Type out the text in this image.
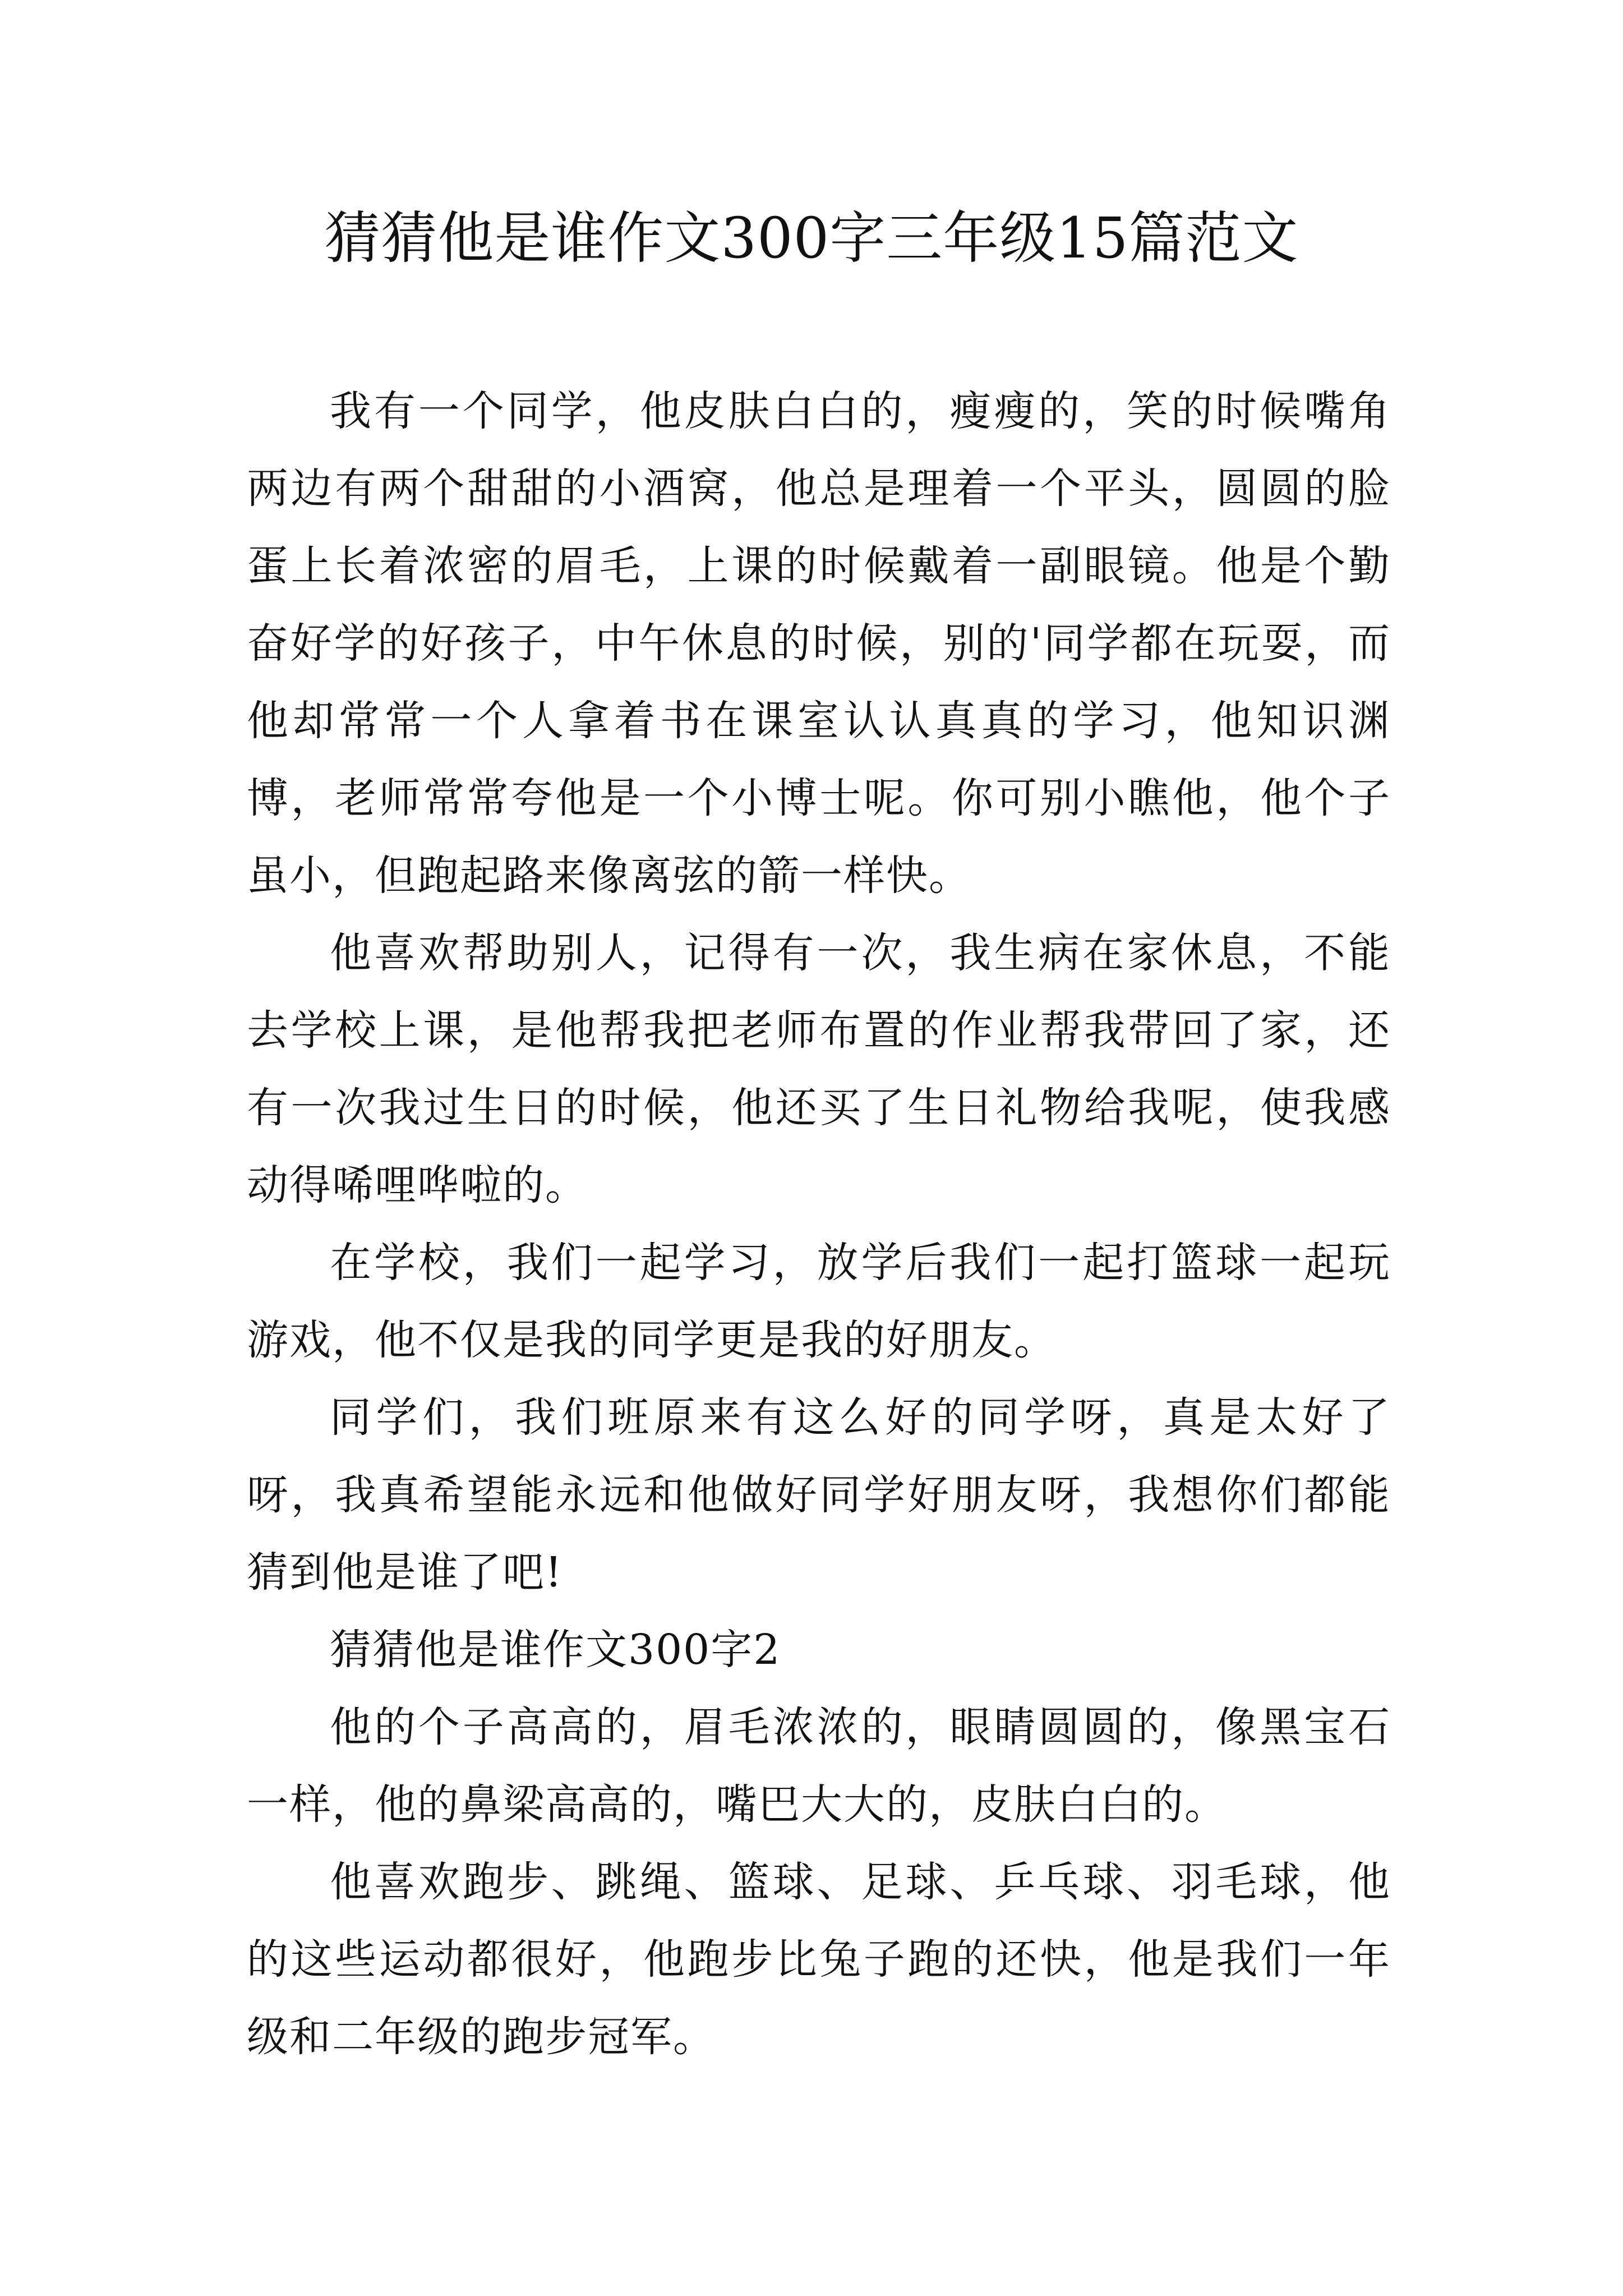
猜猜他是谁作文300字三年级15篇范文

我有一个同学，他皮肤白白的，瘦瘦的，笑的时候嘴角两边有两个甜甜的小酒窝，他总是理着一个平头，圆圆的脸蛋上长着浓密的眉毛，上课的时候戴着一副眼镜。他是个勤奋好学的好孩子，中午休息的时候，别的'同学都在玩耍，而他却常常一个人拿着书在课室认认真真的学习，他知识渊博，老师常常夸他是一个小博士呢。你可别小瞧他，他个子虽小，但跑起路来像离弦的箭一样快。

他喜欢帮助别人，记得有一次，我生病在家休息，不能去学校上课，是他帮我把老师布置的作业帮我带回了家，还有一次我过生日的时候，他还买了生日礼物给我呢，使我感动得唏哩哗啦的。

在学校，我们一起学习，放学后我们一起打篮球一起玩游戏，他不仅是我的同学更是我的好朋友。

同学们，我们班原来有这么好的同学呀，真是太好了呀，我真希望能永远和他做好同学好朋友呀，我想你们都能猜到他是谁了吧!

猜猜他是谁作文300字2

他的个子高高的，眉毛浓浓的，眼睛圆圆的，像黑宝石一样，他的鼻梁高高的，嘴巴大大的，皮肤白白的。

他喜欢跑步、跳绳、篮球、足球、乒乓球、羽毛球，他的这些运动都很好，他跑步比兔子跑的还快，他是我们一年级和二年级的跑步冠军。
